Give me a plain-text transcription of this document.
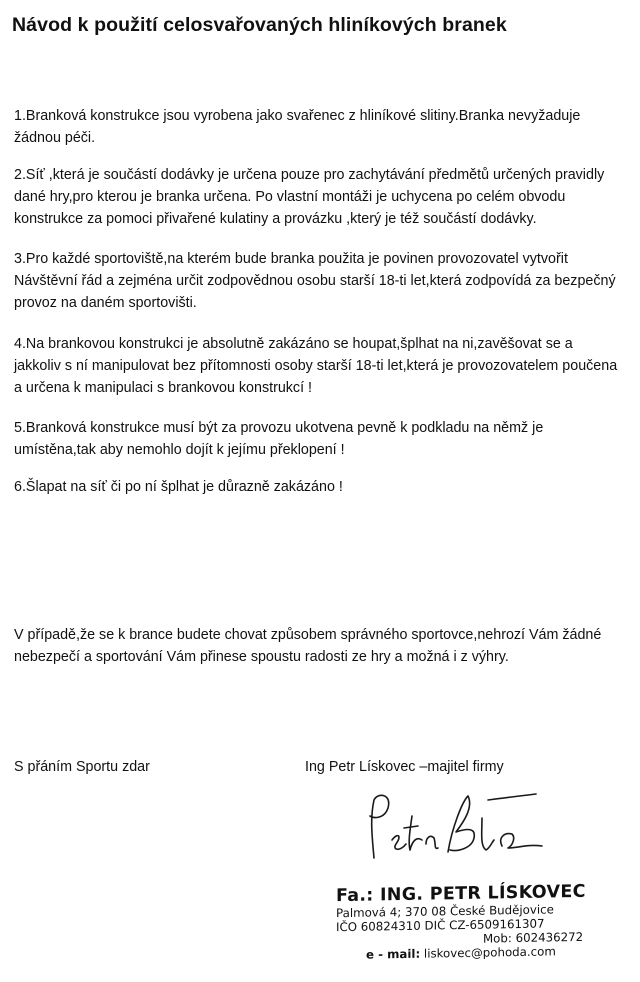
Návod k použití celosvařovaných hliníkových branek
1.Branková konstrukce jsou vyrobena jako svařenec z hliníkové slitiny.Branka nevyžaduje žádnou péči.
2.Síť ,která je součástí dodávky je určena pouze pro zachytávání předmětů určených pravidly dané hry,pro kterou je branka určena. Po vlastní montáži je uchycena po celém obvodu konstrukce za pomoci přivařené kulatiny a provázku ,který je též součástí dodávky.
3.Pro každé sportoviště,na kterém bude branka použita je povinen provozovatel vytvořit Návštěvní řád a zejména určit zodpovědnou osobu starší 18-ti let,která zodpovídá za bezpečný provoz na daném sportovišti.
4.Na brankovou konstrukci je absolutně zakázáno se houpat,šplhat na ni,zavěšovat se a jakkoliv s ní manipulovat bez přítomnosti osoby starší 18-ti let,která je provozovatelem poučena a určena k manipulaci s brankovou konstrukcí !
5.Branková konstrukce musí být za provozu ukotvena pevně k podkladu na němž je umístěna,tak aby nemohlo dojít k jejímu překlopení !
6.Šlapat na síť či po ní šplhat je důrazně zakázáno !
V případě,že se k brance budete chovat způsobem správného sportovce,nehrozí Vám žádné nebezpečí a sportování Vám přinese spoustu radosti ze hry a možná i z výhry.
S přáním Sportu zdar	Ing Petr Lískovec –majitel firmy
Fa.: ING. PETR LÍSKOVEC
Palmová 4; 370 08 České Budějovice
IČO 60824310 DIČ CZ-6509161307
Mob: 602436272
e - mail: liskovec@pohoda.com
